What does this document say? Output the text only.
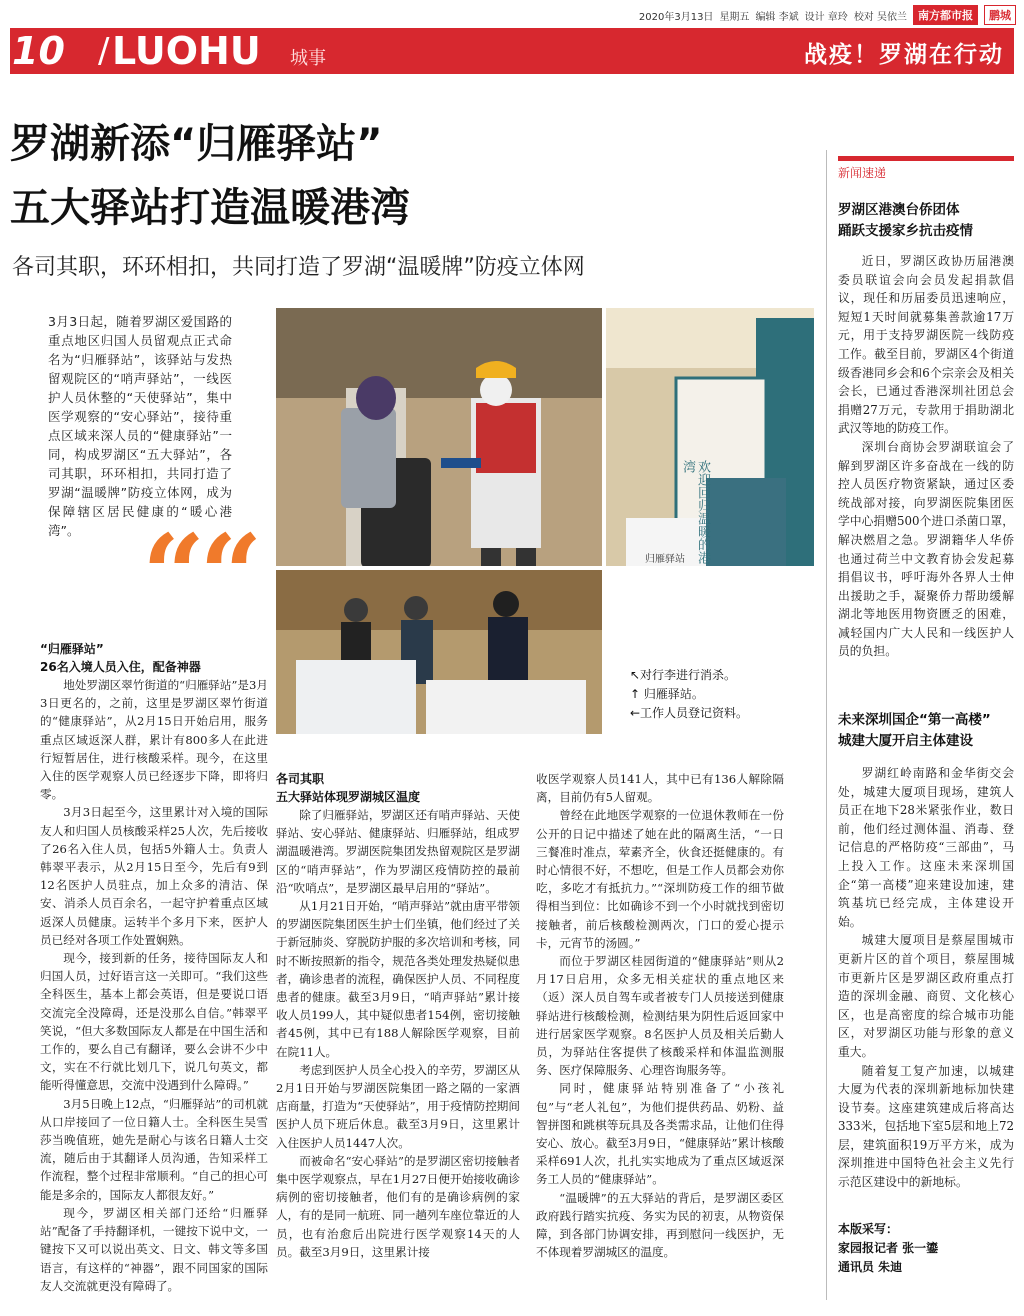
2020年3月13日 星期五 编辑 李斌 设计 章玲 校对 吴依兰	南方都市报	鹏城
10 / LUOHU	城事	战疫！罗湖在行动
罗湖新添“归雁驿站”
五大驿站打造温暖港湾
各司其职，环环相扣，共同打造了罗湖“温暖牌”防疫立体网
3月3日起，随着罗湖区爱国路的重点地区归国人员留观点正式命名为“归雁驿站”，该驿站与发热留观院区的“哨声驿站”，一线医护人员休整的“天使驿站”，集中医学观察的“安心驿站”，接待重点区域来深人员的“健康驿站”一同，构成罗湖区“五大驿站”，各司其职，环环相扣，共同打造了罗湖“温暖牌”防疫立体网，成为保障辖区居民健康的“暖心港湾”。 ““	欢迎回归温暖的港湾
归雁驿站
↖对行李进行消杀。
↑ 归雁驿站。
←工作人员登记资料。
“归雁驿站”
26名入境人员入住，配备神器

地处罗湖区翠竹街道的“归雁驿站”是3月3日更名的，之前，这里是罗湖区翠竹街道的“健康驿站”，从2月15日开始启用，服务重点区域返深人群，累计有800多人在此进行短暂居住，进行核酸采样。现今，在这里入住的医学观察人员已经逐步下降，即将归零。

3月3日起至今，这里累计对入境的国际友人和归国人员核酸采样25人次，先后接收了26名入住人员，包括5外籍人士。负责人韩翠平表示，从2月15日至今，先后有9到12名医护人员驻点，加上众多的清洁、保安、消杀人员百余名，一起守护着重点区域返深人员健康。运转半个多月下来，医护人员已经对各项工作处置娴熟。

现今，接到新的任务，接待国际友人和归国人员，过好语言这一关即可。“我们这些全科医生，基本上都会英语，但是要说口语交流完全没障碍，还是没那么自信。”韩翠平笑说，“但大多数国际友人都是在中国生活和工作的，要么自己有翻译，要么会讲不少中文，实在不行就比划几下，说几句英文，都能听得懂意思，交流中没遇到什么障碍。”

3月5日晚上12点，“归雁驿站”的司机就从口岸接回了一位日籍人士。全科医生吴雪莎当晚值班，她先是耐心与该名日籍人士交流，随后由于其翻译人员沟通，告知采样工作流程，整个过程非常顺利。“自己的担心可能是多余的，国际友人都很友好。”

现今，罗湖区相关部门还给“归雁驿站”配备了手持翻译机，一键按下说中文，一键按下又可以说出英文、日文、韩文等多国语言，有这样的“神器”，跟不同国家的国际友人交流就更没有障碍了。

各司其职
五大驿站体现罗湖城区温度

除了归雁驿站，罗湖区还有哨声驿站、天使驿站、安心驿站、健康驿站、归雁驿站，组成罗湖温暖港湾。罗湖医院集团发热留观院区是罗湖区的“哨声驿站”，作为罗湖区疫情防控的最前沿“吹哨点”，是罗湖区最早启用的“驿站”。

从1月21日开始，“哨声驿站”就由唐平带领的罗湖医院集团医生护士们坐镇，他们经过了关于新冠肺炎、穿脱防护服的多次培训和考核，同时不断按照新的指令，规范各类处理发热疑似患者，确诊患者的流程，确保医护人员、不同程度患者的健康。截至3月9日，“哨声驿站”累计接收人员199人，其中疑似患者154例，密切接触者45例，其中已有188人解除医学观察，目前在院11人。

考虑到医护人员全心投入的辛劳，罗湖区从2月1日开始与罗湖医院集团一路之隔的一家酒店商量，打造为“天使驿站”，用于疫情防控期间医护人员下班后休息。截至3月9日，这里累计入住医护人员1447人次。

而被命名“安心驿站”的是罗湖区密切接触者集中医学观察点，早在1月27日便开始接收确诊病例的密切接触者，他们有的是确诊病例的家人，有的是同一航班、同一趟列车座位靠近的人员，也有治愈后出院进行医学观察14天的人员。截至3月9日，这里累计接

收医学观察人员141人，其中已有136人解除隔离，目前仍有5人留观。

曾经在此地医学观察的一位退休教师在一份公开的日记中描述了她在此的隔离生活，“一日三餐准时准点，荤素齐全，伙食还挺健康的。有时心情很不好，不想吃，但是工作人员都会劝你吃，多吃才有抵抗力。”“深圳防疫工作的细节做得相当到位：比如确诊不到一个小时就找到密切接触者，前后核酸检测两次，门口的爱心提示卡，元宵节的汤圆。”

而位于罗湖区桂园街道的“健康驿站”则从2月17日启用，众多无相关症状的重点地区来（返）深人员自驾车或者被专门人员接送到健康驿站进行核酸检测，检测结果为阴性后返回家中进行居家医学观察。8名医护人员及相关后勤人员，为驿站住客提供了核酸采样和体温监测服务、医疗保障服务、心理咨询服务等。

同时，健康驿站特别准备了“小孩礼包”与“老人礼包”，为他们提供药品、奶粉、益智拼图和跳棋等玩具及各类需求品，让他们住得安心、放心。截至3月9日，“健康驿站”累计核酸采样691人次，扎扎实实地成为了重点区域返深务工人员的“健康驿站”。

“温暖牌”的五大驿站的背后，是罗湖区委区政府践行踏实抗疫、务实为民的初衷，从物资保障，到各部门协调安排，再到慰问一线医护，无不体现着罗湖城区的温度。

新闻速递
罗湖区港澳台侨团体
踊跃支援家乡抗击疫情

近日，罗湖区政协历届港澳委员联谊会向会员发起捐款倡议，现任和历届委员迅速响应，短短1天时间就募集善款逾17万元，用于支持罗湖医院一线防疫工作。截至目前，罗湖区4个街道级香港同乡会和6个宗亲会及相关会长，已通过香港深圳社团总会捐赠27万元，专款用于捐助湖北武汉等地的防疫工作。

深圳台商协会罗湖联谊会了解到罗湖区许多奋战在一线的防控人员医疗物资紧缺，通过区委统战部对接，向罗湖医院集团医学中心捐赠500个进口杀菌口罩，解决燃眉之急。罗湖籍华人华侨也通过荷兰中文教育协会发起募捐倡议书，呼吁海外各界人士伸出援助之手，凝聚侨力帮助缓解湖北等地医用物资匮乏的困难，减轻国内广大人民和一线医护人员的负担。

未来深圳国企“第一高楼”
城建大厦开启主体建设

罗湖红岭南路和金华街交会处，城建大厦项目现场，建筑人员正在地下28米紧张作业，数日前，他们经过测体温、消毒、登记信息的严格防疫“三部曲”，马上投入工作。这座未来深圳国企“第一高楼”迎来建设加速，建筑基坑已经完成，主体建设开始。

城建大厦项目是蔡屋围城市更新片区的首个项目，蔡屋围城市更新片区是罗湖区政府重点打造的深圳金融、商贸、文化核心区，也是高密度的综合城市功能区，对罗湖区功能与形象的意义重大。

随着复工复产加速，以城建大厦为代表的深圳新地标加快建设节奏。这座建筑建成后将高达333米，包括地下室5层和地上72层，建筑面积19万平方米，成为深圳推进中国特色社会主义先行示范区建设中的新地标。

本版采写：
家园报记者 张一鎏
通讯员 朱迪
